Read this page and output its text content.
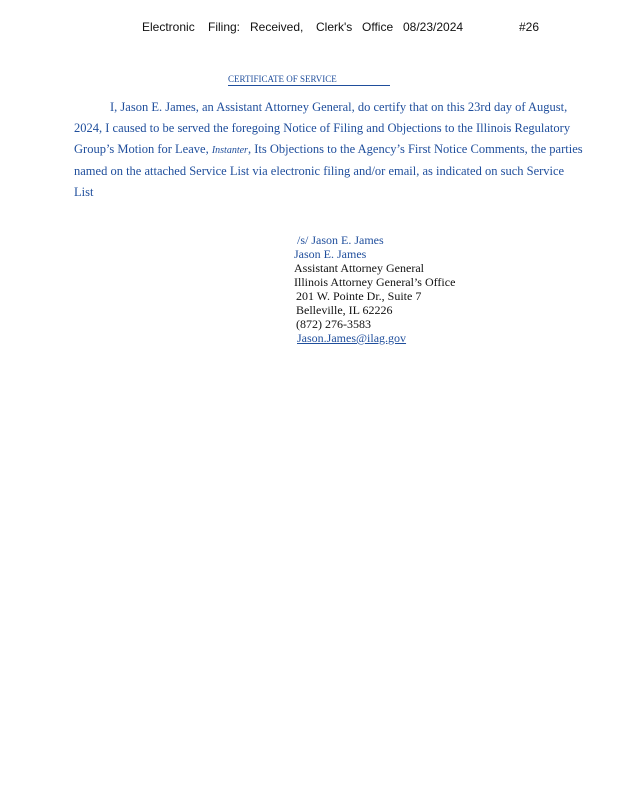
Electronic Filing: Received, Clerk's Office 08/23/2024	#26
CERTIFICATE OF SERVICE

I, Jason E. James, an Assistant Attorney General, do certify that on this 23rd day of August, 2024, I caused to be served the foregoing Notice of Filing and Objections to the Illinois Regulatory Group’s Motion for Leave, Instanter, Its Objections to the Agency’s First Notice Comments, the parties named on the attached Service List via electronic filing and/or email, as indicated on such Service List

/s/ Jason E. James
Jason E. James
Assistant Attorney General
Illinois Attorney General’s Office
201 W. Pointe Dr., Suite 7
Belleville, IL 62226
(872) 276-3583
Jason.James@ilag.gov
